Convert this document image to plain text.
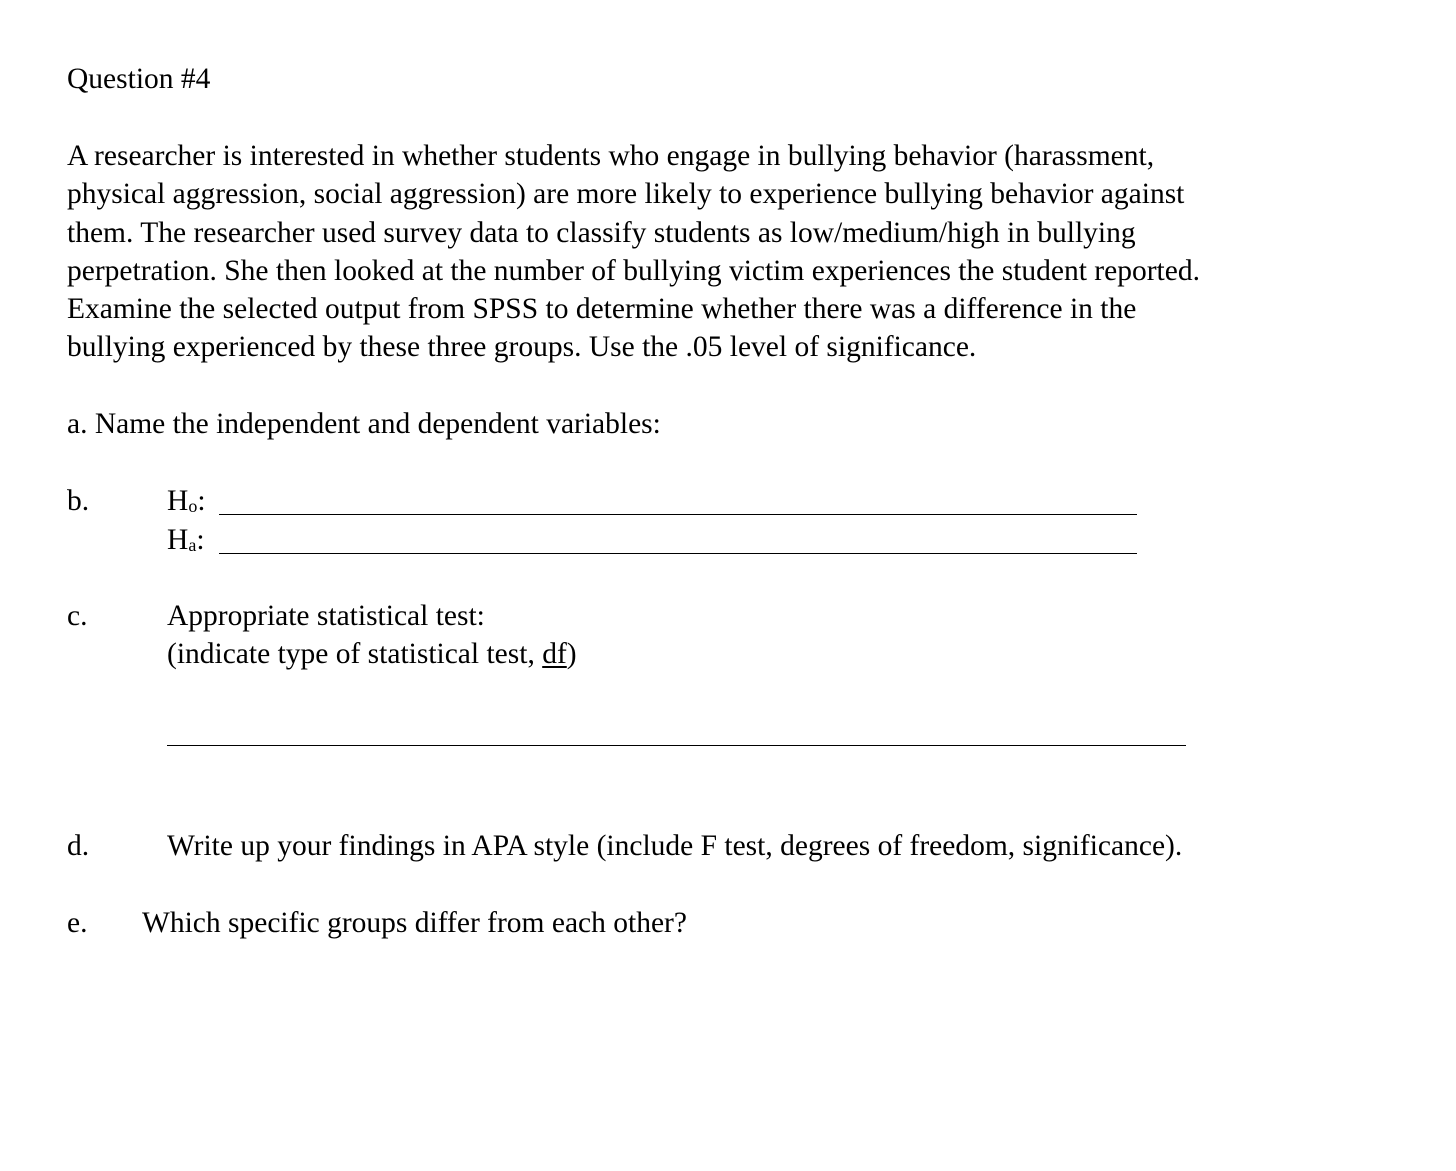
Question #4
A researcher is interested in whether students who engage in bullying behavior (harassment,
physical aggression, social aggression) are more likely to experience bullying behavior against
them. The researcher used survey data to classify students as low/medium/high in bullying
perpetration. She then looked at the number of bullying victim experiences the student reported.
Examine the selected output from SPSS to determine whether there was a difference in the
bullying experienced by these three groups. Use the .05 level of significance.
a. Name the independent and dependent variables:
b.	$H_o$:
$H_a$:
c.	Appropriate statistical test:
(indicate type of statistical test, df)
d.	Write up your findings in APA style (include F test, degrees of freedom, significance).
e. Which specific groups differ from each other?
